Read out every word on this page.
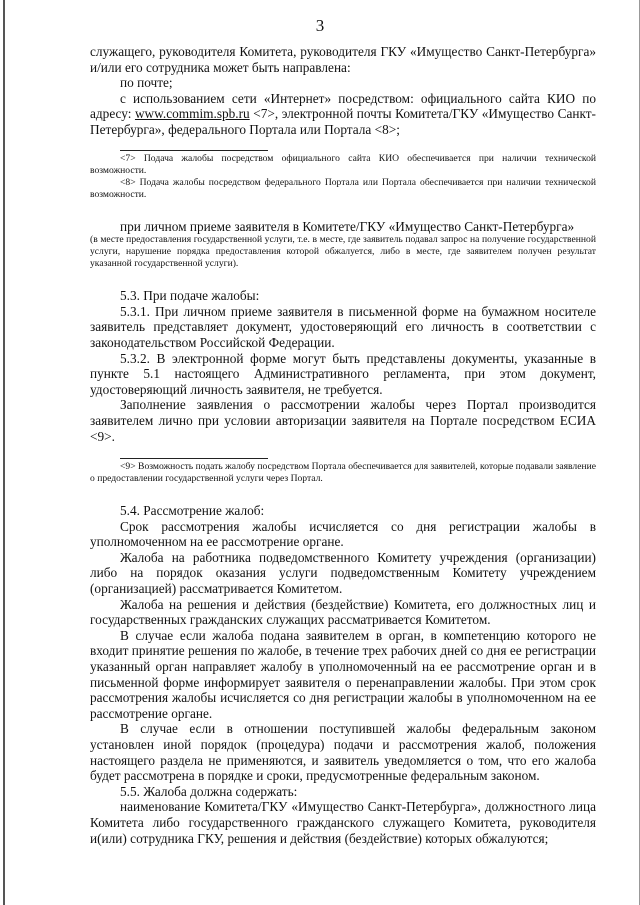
3

служащего, руководителя Комитета, руководителя ГКУ «Имущество Санкт-Петербурга» и/или его сотрудника может быть направлена:

по почте;

с использованием сети «Интернет» посредством: официального сайта КИО по адресу: www.commim.spb.ru <7>, электронной почты Комитета/ГКУ «Имущество Санкт-Петербурга», федерального Портала или Портала <8>;

<7> Подача жалобы посредством официального сайта КИО обеспечивается при наличии технической возможности.

<8> Подача жалобы посредством федерального Портала или Портала обеспечивается при наличии технической возможности.

при личном приеме заявителя в Комитете/ГКУ «Имущество Санкт-Петербурга»

(в месте предоставления государственной услуги, т.е. в месте, где заявитель подавал запрос на получение государственной услуги, нарушение порядка предоставления которой обжалуется, либо в месте, где заявителем получен результат указанной государственной услуги).

5.3. При подаче жалобы:

5.3.1. При личном приеме заявителя в письменной форме на бумажном носителе заявитель представляет документ, удостоверяющий его личность в соответствии с законодательством Российской Федерации.

5.3.2. В электронной форме могут быть представлены документы, указанные в пункте 5.1 настоящего Административного регламента, при этом документ, удостоверяющий личность заявителя, не требуется.

Заполнение заявления о рассмотрении жалобы через Портал производится заявителем лично при условии авторизации заявителя на Портале посредством ЕСИА <9>.

<9> Возможность подать жалобу посредством Портала обеспечивается для заявителей, которые подавали заявление о предоставлении государственной услуги через Портал.

5.4. Рассмотрение жалоб:

Срок рассмотрения жалобы исчисляется со дня регистрации жалобы в уполномоченном на ее рассмотрение органе.

Жалоба на работника подведомственного Комитету учреждения (организации) либо на порядок оказания услуги подведомственным Комитету учреждением (организацией) рассматривается Комитетом.

Жалоба на решения и действия (бездействие) Комитета, его должностных лиц и государственных гражданских служащих рассматривается Комитетом.

В случае если жалоба подана заявителем в орган, в компетенцию которого не входит принятие решения по жалобе, в течение трех рабочих дней со дня ее регистрации указанный орган направляет жалобу в уполномоченный на ее рассмотрение орган и в письменной форме информирует заявителя о перенаправлении жалобы. При этом срок рассмотрения жалобы исчисляется со дня регистрации жалобы в уполномоченном на ее рассмотрение органе.

В случае если в отношении поступившей жалобы федеральным законом установлен иной порядок (процедура) подачи и рассмотрения жалоб, положения настоящего раздела не применяются, и заявитель уведомляется о том, что его жалоба будет рассмотрена в порядке и сроки, предусмотренные федеральным законом.

5.5. Жалоба должна содержать:

наименование Комитета/ГКУ «Имущество Санкт-Петербурга», должностного лица Комитета либо государственного гражданского служащего Комитета, руководителя и(или) сотрудника ГКУ, решения и действия (бездействие) которых обжалуются;
